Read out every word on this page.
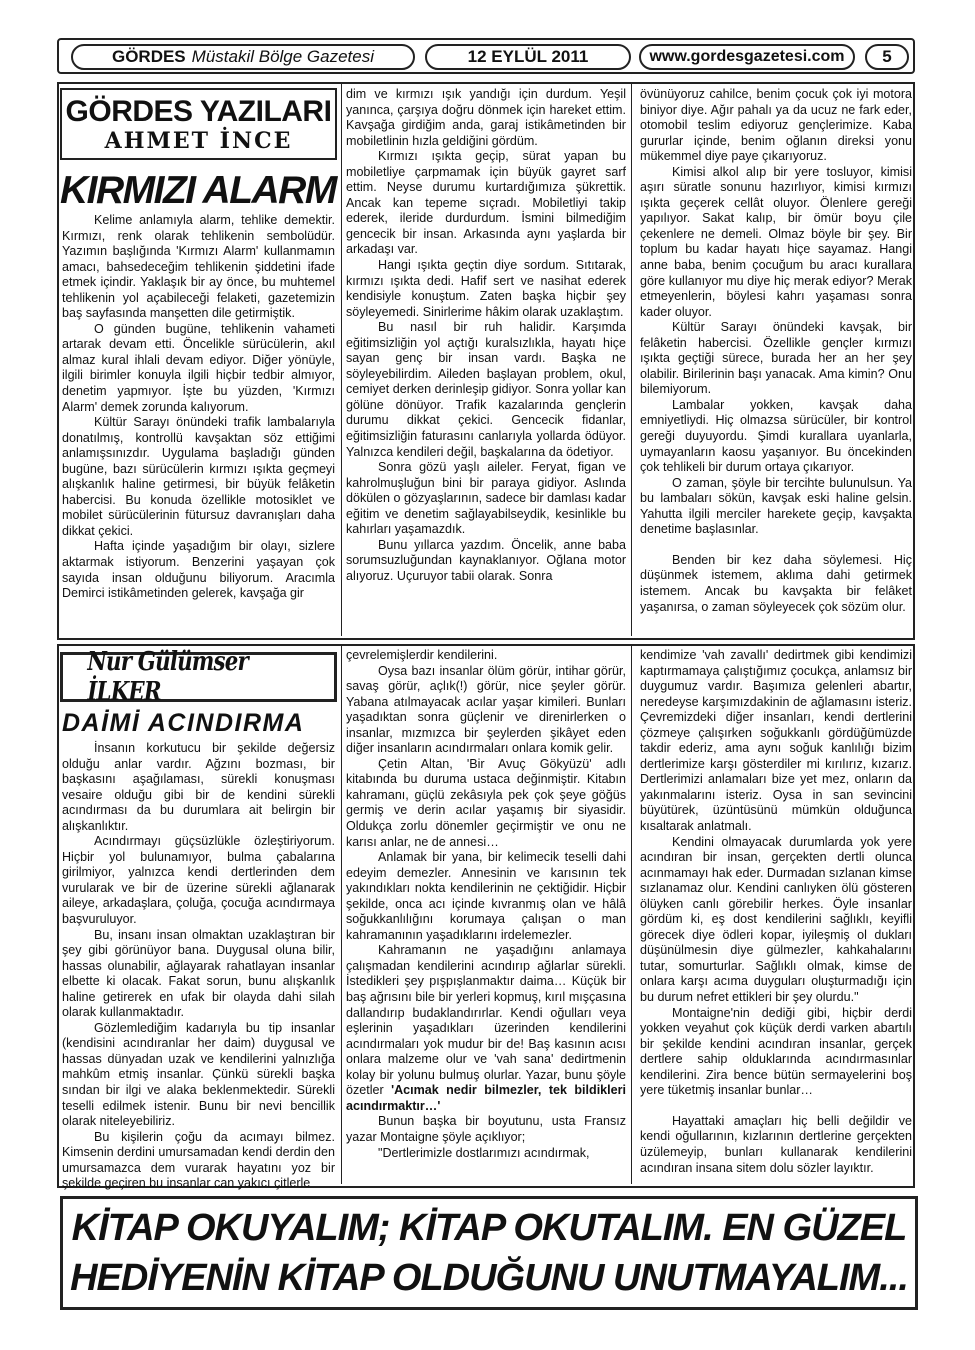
GÖRDES Müstakil Bölge Gazetesi	12 EYLÜL 2011	www.gordesgazetesi.com 5
GÖRDES YAZILARI
AHMET İNCE
KIRMIZI ALARM

Kelime anlamıyla alarm, tehlike demektir. Kırmızı, renk olarak tehlikenin sembolüdür. Yazımın başlığında 'Kırmızı Alarm' kullanmamın amacı, bahsedeceğim tehlikenin şiddetini ifade etmek içindir. Yaklaşık bir ay önce, bu muhtemel tehlikenin yol açabileceği felaketi, gazetemizin baş sayfasında manşetten dile getirmiştik.

O günden bugüne, tehlikenin vahameti artarak devam etti. Öncelikle sürücülerin, akıl almaz kural ihlali devam ediyor. Diğer yönüyle, ilgili birimler konuyla ilgili hiçbir tedbir almıyor, denetim yapmıyor. İşte bu yüzden, 'Kırmızı Alarm' demek zorunda kalıyorum.

Kültür Sarayı önündeki trafik lambalarıyla donatılmış, kontrollü kavşaktan söz ettiğimi anlamışsınızdır. Uygulama başladığı günden bugüne, bazı sürücülerin kırmızı ışıkta geçmeyi alışkanlık haline getirmesi, bir büyük felâketin habercisi. Bu konuda özellikle motosiklet ve mobilet sürücülerinin fütursuz davranışları daha dikkat çekici.

Hafta içinde yaşadığım bir olayı, sizlere aktarmak istiyorum. Benzerini yaşayan çok sayıda insan olduğunu biliyorum. Aracımla Demirci istikâmetinden gelerek, kavşağa gir

dim ve kırmızı ışık yandığı için durdum. Yeşil yanınca, çarşıya doğru dönmek için hareket ettim. Kavşağa girdiğim anda, garaj istikâmetinden bir mobiletlinin hızla geldiğini gördüm.

Kırmızı ışıkta geçip, sürat yapan bu mobiletliye çarpmamak için büyük gayret sarf ettim. Neyse durumu kurtardığımıza şükrettik. Ancak kan tepeme sıçradı. Mobiletliyi takip ederek, ileride durdurdum. İsmini bilmediğim gencecik bir insan. Arkasında aynı yaşlarda bir arkadaşı var.

Hangi ışıkta geçtin diye sordum. Sıtıtarak, kırmızı ışıkta dedi. Hafif sert ve nasihat ederek kendisiyle konuştum. Zaten başka hiçbir şey söyleyemedi. Sinirlerime hâkim olarak uzaklaştım.

Bu nasıl bir ruh halidir. Karşımda eğitimsizliğin yol açtığı kuralsızlıkla, hayatı hiçe sayan genç bir insan vardı. Başka ne söyleyebilirdim. Aileden başlayan problem, okul, cemiyet derken derinleşip gidiyor. Sonra yollar kan gölüne dönüyor. Trafik kazalarında gençlerin durumu dikkat çekici. Gencecik fidanlar, eğitimsizliğin faturasını canlarıyla yollarda ödüyor. Yalnızca kendileri değil, başkalarına da ödetiyor.

Sonra gözü yaşlı aileler. Feryat, figan ve kahrolmuşluğun bini bir paraya gidiyor. Aslında dökülen o gözyaşlarının, sadece bir damlası kadar eğitim ve denetim sağlayabilseydik, kesinlikle bu kahırları yaşamazdık.

Bunu yıllarca yazdım. Öncelik, anne baba sorumsuzluğundan kaynaklanıyor. Oğlana motor alıyoruz. Uçuruyor tabii olarak. Sonra

övünüyoruz cahilce, benim çocuk çok iyi motora biniyor diye. Ağır pahalı ya da ucuz ne fark eder, otomobil teslim ediyoruz gençlerimize. Kaba gururlar içinde, benim oğlanın direksi yonu mükemmel diye paye çıkarıyoruz.

Kimisi alkol alıp bir yere tosluyor, kimisi aşırı süratle sonunu hazırlıyor, kimisi kırmızı ışıkta geçerek cellât oluyor. Ölenlere gereği yapılıyor. Sakat kalıp, bir ömür boyu çile çekenlere ne demeli. Olmaz böyle bir şey. Bir toplum bu kadar hayatı hiçe sayamaz. Hangi anne baba, benim çocuğum bu aracı kurallara göre kullanıyor mu diye hiç merak ediyor? Merak etmeyenlerin, böylesi kahrı yaşaması sonra kader oluyor.

Kültür Sarayı önündeki kavşak, bir felâketin habercisi. Özellikle gençler kırmızı ışıkta geçtiği sürece, burada her an her şey olabilir. Birilerinin başı yanacak. Ama kimin? Onu bilemiyorum.

Lambalar yokken, kavşak daha emniyetliydi. Hiç olmazsa sürücüler, bir kontrol gereği duyuyordu. Şimdi kurallara uyanlarla, uymayanların kaosu yaşanıyor. Bu öncekinden çok tehlikeli bir durum ortaya çıkarıyor.

O zaman, şöyle bir tercihte bulunulsun. Ya bu lambaları sökün, kavşak eski haline gelsin. Yahutta ilgili merciler harekete geçip, kavşakta denetime başlasınlar.

Benden bir kez daha söylemesi. Hiç düşünmek istemem, aklıma dahi getirmek istemem. Ancak bu kavşakta bir felâket yaşanırsa, o zaman söyleyecek çok sözüm olur.

Nur Gülümser İLKER
DAİMİ ACINDIRMA

İnsanın korkutucu bir şekilde değersiz olduğu anlar vardır. Ağzını bozması, bir başkasını aşağılaması, sürekli konuşması vesaire olduğu gibi bir de kendini sürekli acındırması da bu durumlara ait belirgin bir alışkanlıktır.

Acındırmayı güçsüzlükle özleştiriyorum. Hiçbir yol bulunamıyor, bulma çabalarına girilmiyor, yalnızca kendi dertlerinden dem vurularak ve bir de üzerine sürekli ağlanarak aileye, arkadaşlara, çoluğa, çocuğa acındırmaya başvuruluyor.

Bu, insanı insan olmaktan uzaklaştıran bir şey gibi görünüyor bana. Duygusal oluna bilir, hassas olunabilir, ağlayarak rahatlayan insanlar elbette ki olacak. Fakat sorun, bunu alışkanlık haline getirerek en ufak bir olayda dahi silah olarak kullanmaktadır.

Gözlemlediğim kadarıyla bu tip insanlar (kendisini acındıranlar her daim) duygusal ve hassas dünyadan uzak ve kendilerini yalnızlığa mahkûm etmiş insanlar. Çünkü sürekli başka sından bir ilgi ve alaka beklenmektedir. Sürekli teselli edilmek istenir. Bunu bir nevi bencillik olarak niteleyebiliriz.

Bu kişilerin çoğu da acımayı bilmez. Kimsenin derdini umursamadan kendi derdin den umursamazca dem vurarak hayatını yoz bir şekilde geçiren bu insanlar can yakıcı çitlerle

çevrelemişlerdir kendilerini.

Oysa bazı insanlar ölüm görür, intihar görür, savaş görür, açlık(!) görür, nice şeyler görür. Yabana atılmayacak acılar yaşar kimileri. Bunları yaşadıktan sonra güçlenir ve direnirlerken o insanlar, mızmızca bir şeylerden şikâyet eden diğer insanların acındırmaları onlara komik gelir.

Çetin Altan, 'Bir Avuç Gökyüzü' adlı kitabında bu duruma ustaca değinmiştir. Kitabın kahramanı, güçlü zekâsıyla pek çok şeye göğüs germiş ve derin acılar yaşamış bir siyasidir. Oldukça zorlu dönemler geçirmiştir ve onu ne karısı anlar, ne de annesi…

Anlamak bir yana, bir kelimecik teselli dahi edeyim demezler. Annesinin ve karısının tek yakındıkları nokta kendilerinin ne çektiğidir. Hiçbir şekilde, onca acı içinde kıvranmış olan ve hâlâ soğukkanlılığını korumaya çalışan o man kahramanının yaşadıklarını irdelemezler.

Kahramanın ne yaşadığını anlamaya çalışmadan kendilerini acındırıp ağlarlar sürekli. İstedikleri şey pışpışlanmaktır daima… Küçük bir baş ağrısını bile bir yerleri kopmuş, kırıl mışçasına dallandırıp budaklandırırlar. Kendi oğulları veya eşlerinin yaşadıkları üzerinden kendilerini acındırmaları yok mudur bir de! Baş kasının acısı onlara malzeme olur ve 'vah sana' dedirtmenin kolay bir yolunu bulmuş olurlar. Yazar, bunu şöyle özetler 'Acımak nedir bilmezler, tek bildikleri acındırmaktır…'

Bunun başka bir boyutunu, usta Fransız yazar Montaigne şöyle açıklıyor;

"Dertlerimizle dostlarımızı acındırmak,

kendimize 'vah zavallı' dedirtmek gibi kendimizi kaptırmamaya çalıştığımız çocukça, anlamsız bir duygumuz vardır. Başımıza gelenleri abartır, neredeyse karşımızdakinin de ağlamasını isteriz. Çevremizdeki diğer insanları, kendi dertlerini çözmeye çalışırken soğukkanlı gördüğümüzde takdir ederiz, ama aynı soğuk kanlılığı bizim dertlerimize karşı gösterdiler mi kırılırız, kızarız. Dertlerimizi anlamaları bize yet mez, onların da yakınmalarını isteriz. Oysa in san sevincini büyütürek, üzüntüsünü mümkün olduğunca kısaltarak anlatmalı.

Kendini olmayacak durumlarda yok yere acındıran bir insan, gerçekten dertli olunca acınmamayı hak eder. Durmadan sızlanan kimse sızlanamaz olur. Kendini canlıyken ölü gösteren ölüyken canlı görebilir herkes. Öyle insanlar gördüm ki, eş dost kendilerini sağlıklı, keyifli görecek diye ödleri kopar, iyileşmiş ol dukları düşünülmesin diye gülmezler, kahkahalarını tutar, somurturlar. Sağlıklı olmak, kimse de onlara karşı acıma duyguları oluşturmadığı için bu durum nefret ettikleri bir şey olurdu."

Montaigne'nin dediği gibi, hiçbir derdi yokken veyahut çok küçük derdi varken abartılı bir şekilde kendini acındıran insanlar, gerçek dertlere sahip olduklarında acındırmasınlar kendilerini. Zira bence bütün sermayelerini boş yere tüketmiş insanlar bunlar…

Hayattaki amaçları hiç belli değildir ve kendi oğullarının, kızlarının dertlerine gerçekten üzülemeyip, bunları kullanarak kendilerini acındıran insana sitem dolu sözler layıktır.

KİTAP OKUYALIM; KİTAP OKUTALIM. EN GÜZEL
HEDİYENİN KİTAP OLDUĞUNU UNUTMAYALIM...
